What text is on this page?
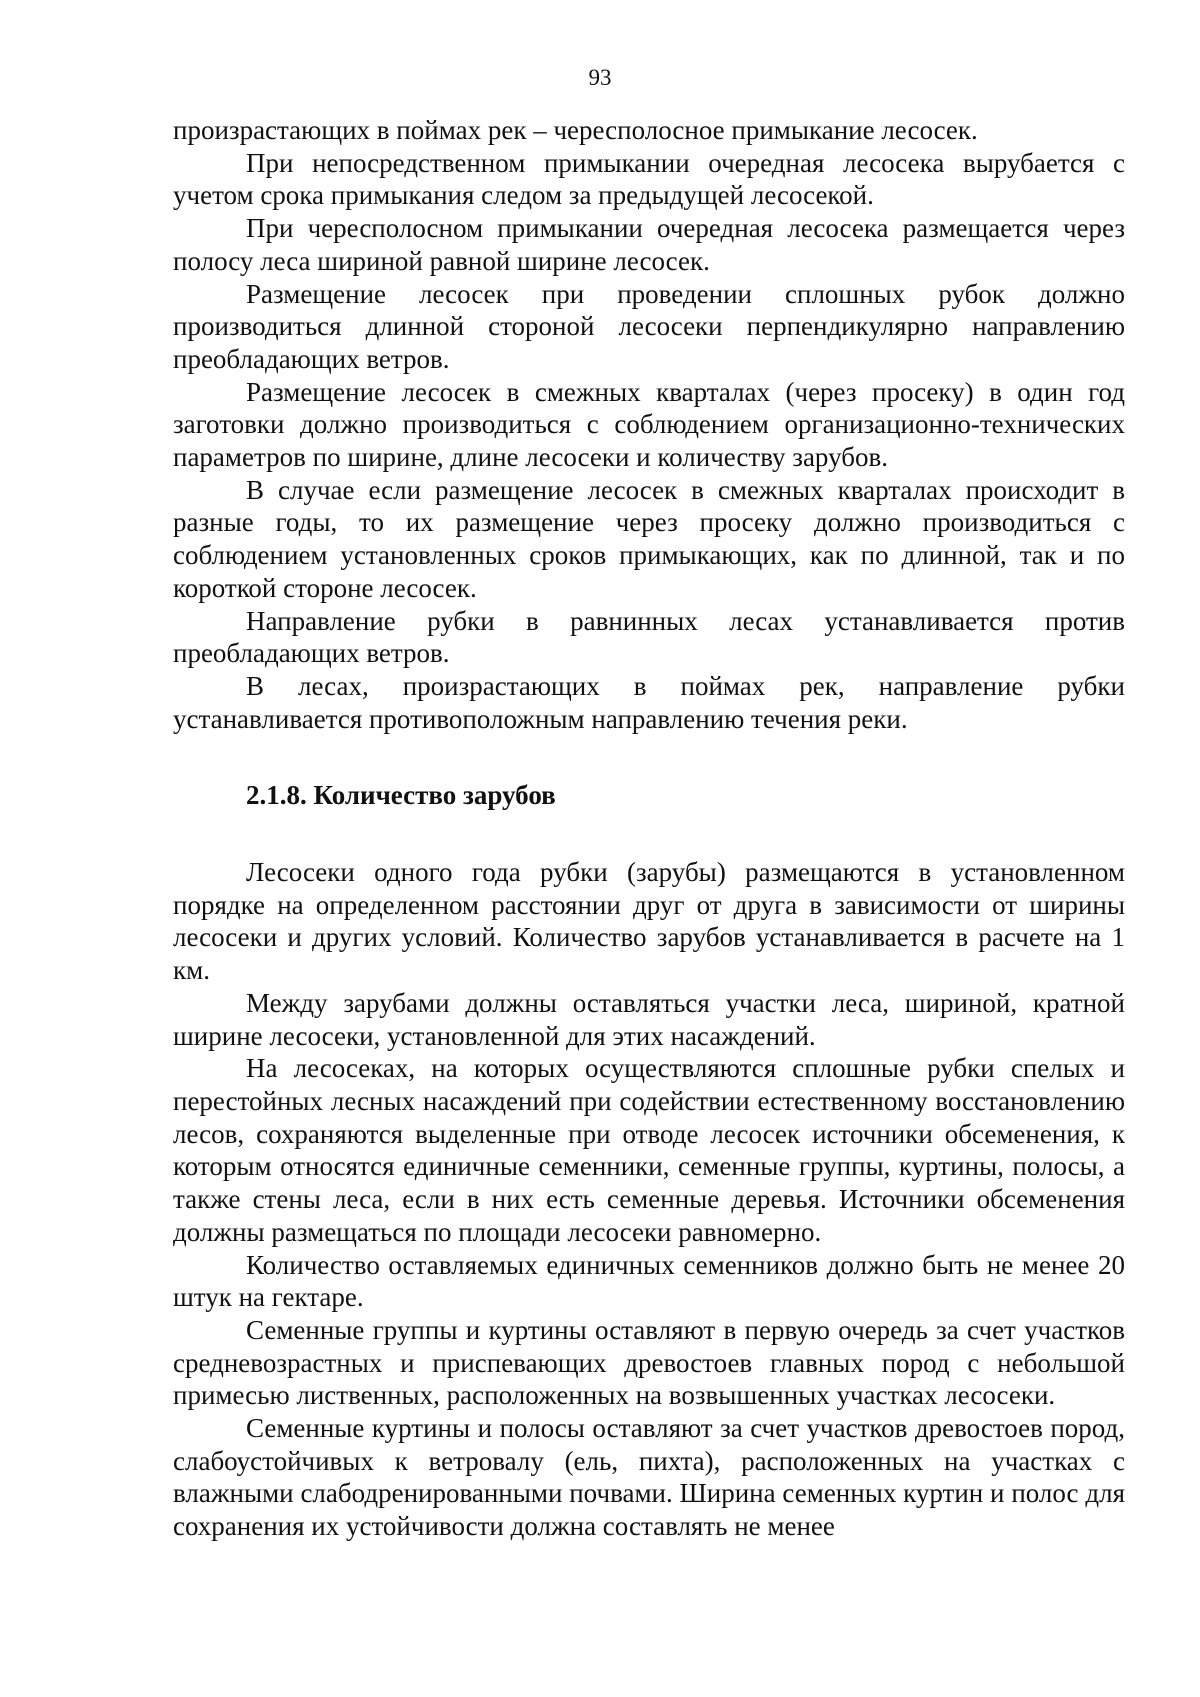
93

произрастающих в поймах рек – чересполосное примыкание лесосек.

При непосредственном примыкании очередная лесосека вырубается с учетом срока примыкания следом за предыдущей лесосекой.

При чересполосном примыкании очередная лесосека размещается через полосу леса шириной равной ширине лесосек.

Размещение лесосек при проведении сплошных рубок должно производиться длинной стороной лесосеки перпендикулярно направлению преобладающих ветров.

Размещение лесосек в смежных кварталах (через просеку) в один год заготовки должно производиться с соблюдением организационно-технических параметров по ширине, длине лесосеки и количеству зарубов.

В случае если размещение лесосек в смежных кварталах происходит в разные годы, то их размещение через просеку должно производиться с соблюдением установленных сроков примыкающих, как по длинной, так и по короткой стороне лесосек.

Направление рубки в равнинных лесах устанавливается против преобладающих ветров.

В лесах, произрастающих в поймах рек, направление рубки устанавливается противоположным направлению течения реки.

2.1.8. Количество зарубов

Лесосеки одного года рубки (зарубы) размещаются в установленном порядке на определенном расстоянии друг от друга в зависимости от ширины лесосеки и других условий. Количество зарубов устанавливается в расчете на 1 км.

Между зарубами должны оставляться участки леса, шириной, кратной ширине лесосеки, установленной для этих насаждений.

На лесосеках, на которых осуществляются сплошные рубки спелых и перестойных лесных насаждений при содействии естественному восстановлению лесов, сохраняются выделенные при отводе лесосек источники обсеменения, к которым относятся единичные семенники, семенные группы, куртины, полосы, а также стены леса, если в них есть семенные деревья. Источники обсеменения должны размещаться по площади лесосеки равномерно.

Количество оставляемых единичных семенников должно быть не менее 20 штук на гектаре.

Семенные группы и куртины оставляют в первую очередь за счет участков средневозрастных и приспевающих древостоев главных пород с небольшой примесью лиственных, расположенных на возвышенных участках лесосеки.

Семенные куртины и полосы оставляют за счет участков древостоев пород, слабоустойчивых к ветровалу (ель, пихта), расположенных на участках с влажными слабодренированными почвами. Ширина семенных куртин и полос для сохранения их устойчивости должна составлять не менее
